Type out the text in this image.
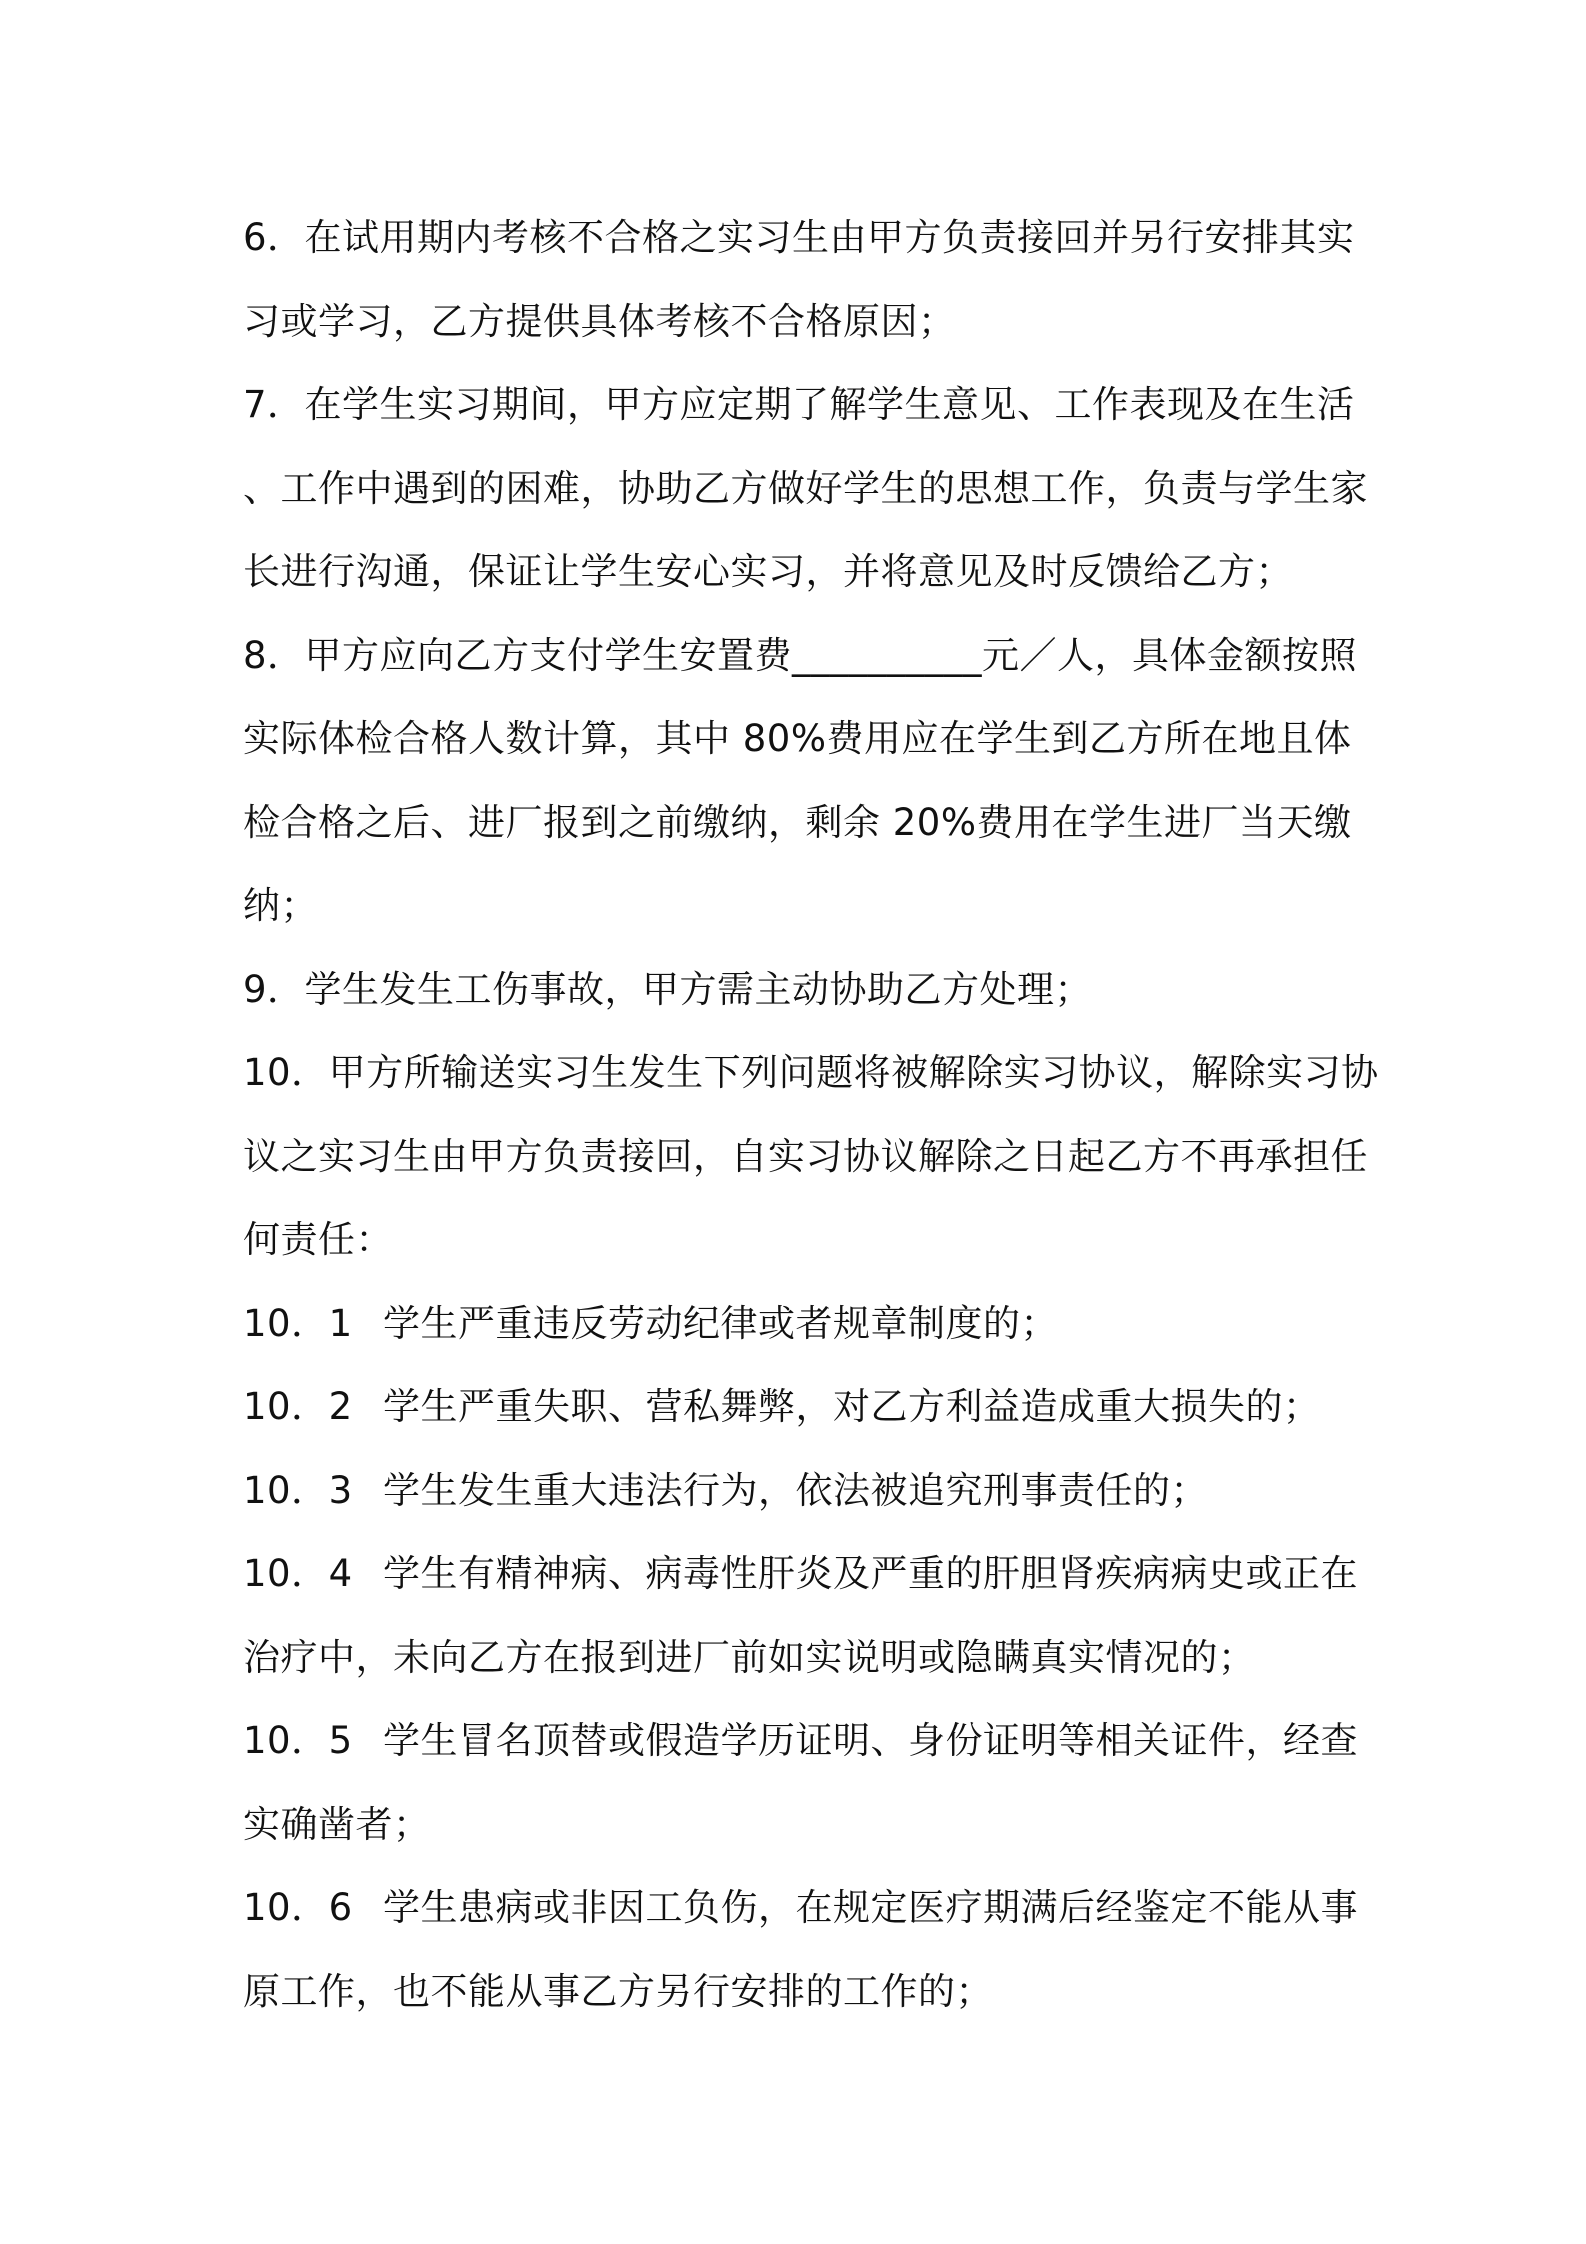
6．在试用期内考核不合格之实习生由甲方负责接回并另行安排其实
习或学习，乙方提供具体考核不合格原因；
7．在学生实习期间，甲方应定期了解学生意见、工作表现及在生活
、工作中遇到的困难，协助乙方做好学生的思想工作，负责与学生家
长进行沟通，保证让学生安心实习，并将意见及时反馈给乙方；
8．甲方应向乙方支付学生安置费__________元／人，具体金额按照
实际体检合格人数计算，其中 80%费用应在学生到乙方所在地且体
检合格之后、进厂报到之前缴纳，剩余 20%费用在学生进厂当天缴
纳；
9．学生发生工伤事故，甲方需主动协助乙方处理；
10．甲方所输送实习生发生下列问题将被解除实习协议，解除实习协
议之实习生由甲方负责接回，自实习协议解除之日起乙方不再承担任
何责任：
10．1 学生严重违反劳动纪律或者规章制度的；
10．2 学生严重失职、营私舞弊，对乙方利益造成重大损失的；
10．3 学生发生重大违法行为，依法被追究刑事责任的；
10．4 学生有精神病、病毒性肝炎及严重的肝胆肾疾病病史或正在
治疗中，未向乙方在报到进厂前如实说明或隐瞒真实情况的；
10．5 学生冒名顶替或假造学历证明、身份证明等相关证件，经查
实确凿者；
10．6 学生患病或非因工负伤，在规定医疗期满后经鉴定不能从事
原工作，也不能从事乙方另行安排的工作的；
